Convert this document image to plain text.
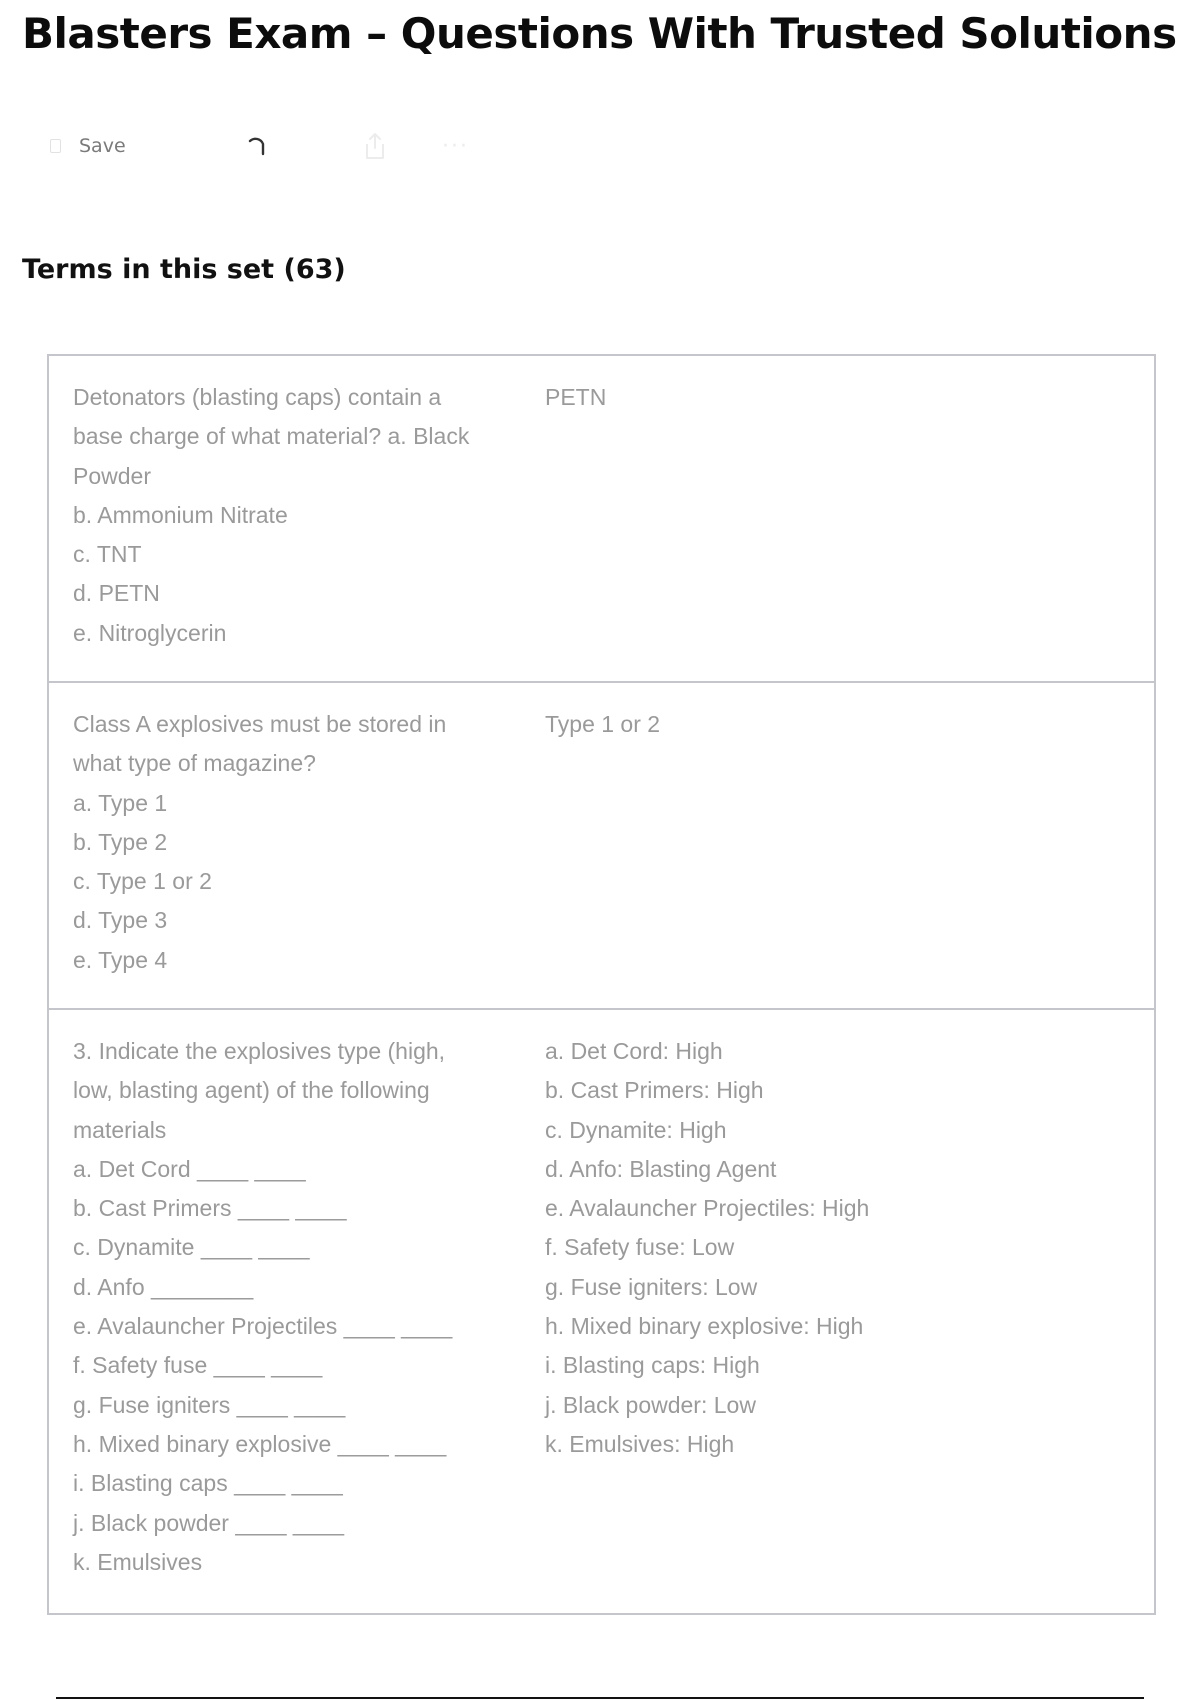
Blasters Exam – Questions With Trusted Solutions
Save	···
Terms in this set (63)
Detonators (blasting caps) contain a
base charge of what material? a. Black
Powder
b. Ammonium Nitrate
c. TNT
d. PETN
e. Nitroglycerin
PETN
Class A explosives must be stored in
what type of magazine?
a. Type 1
b. Type 2
c. Type 1 or 2
d. Type 3
e. Type 4
Type 1 or 2
3. Indicate the explosives type (high,
low, blasting agent) of the following
materials
a. Det Cord ____ ____
b. Cast Primers ____ ____
c. Dynamite ____ ____
d. Anfo ________
e. Avalauncher Projectiles ____ ____
f. Safety fuse ____ ____
g. Fuse igniters ____ ____
h. Mixed binary explosive ____ ____
i. Blasting caps ____ ____
j. Black powder ____ ____
k. Emulsives
a. Det Cord: High
b. Cast Primers: High
c. Dynamite: High
d. Anfo: Blasting Agent
e. Avalauncher Projectiles: High
f. Safety fuse: Low
g. Fuse igniters: Low
h. Mixed binary explosive: High
i. Blasting caps: High
j. Black powder: Low
k. Emulsives: High
